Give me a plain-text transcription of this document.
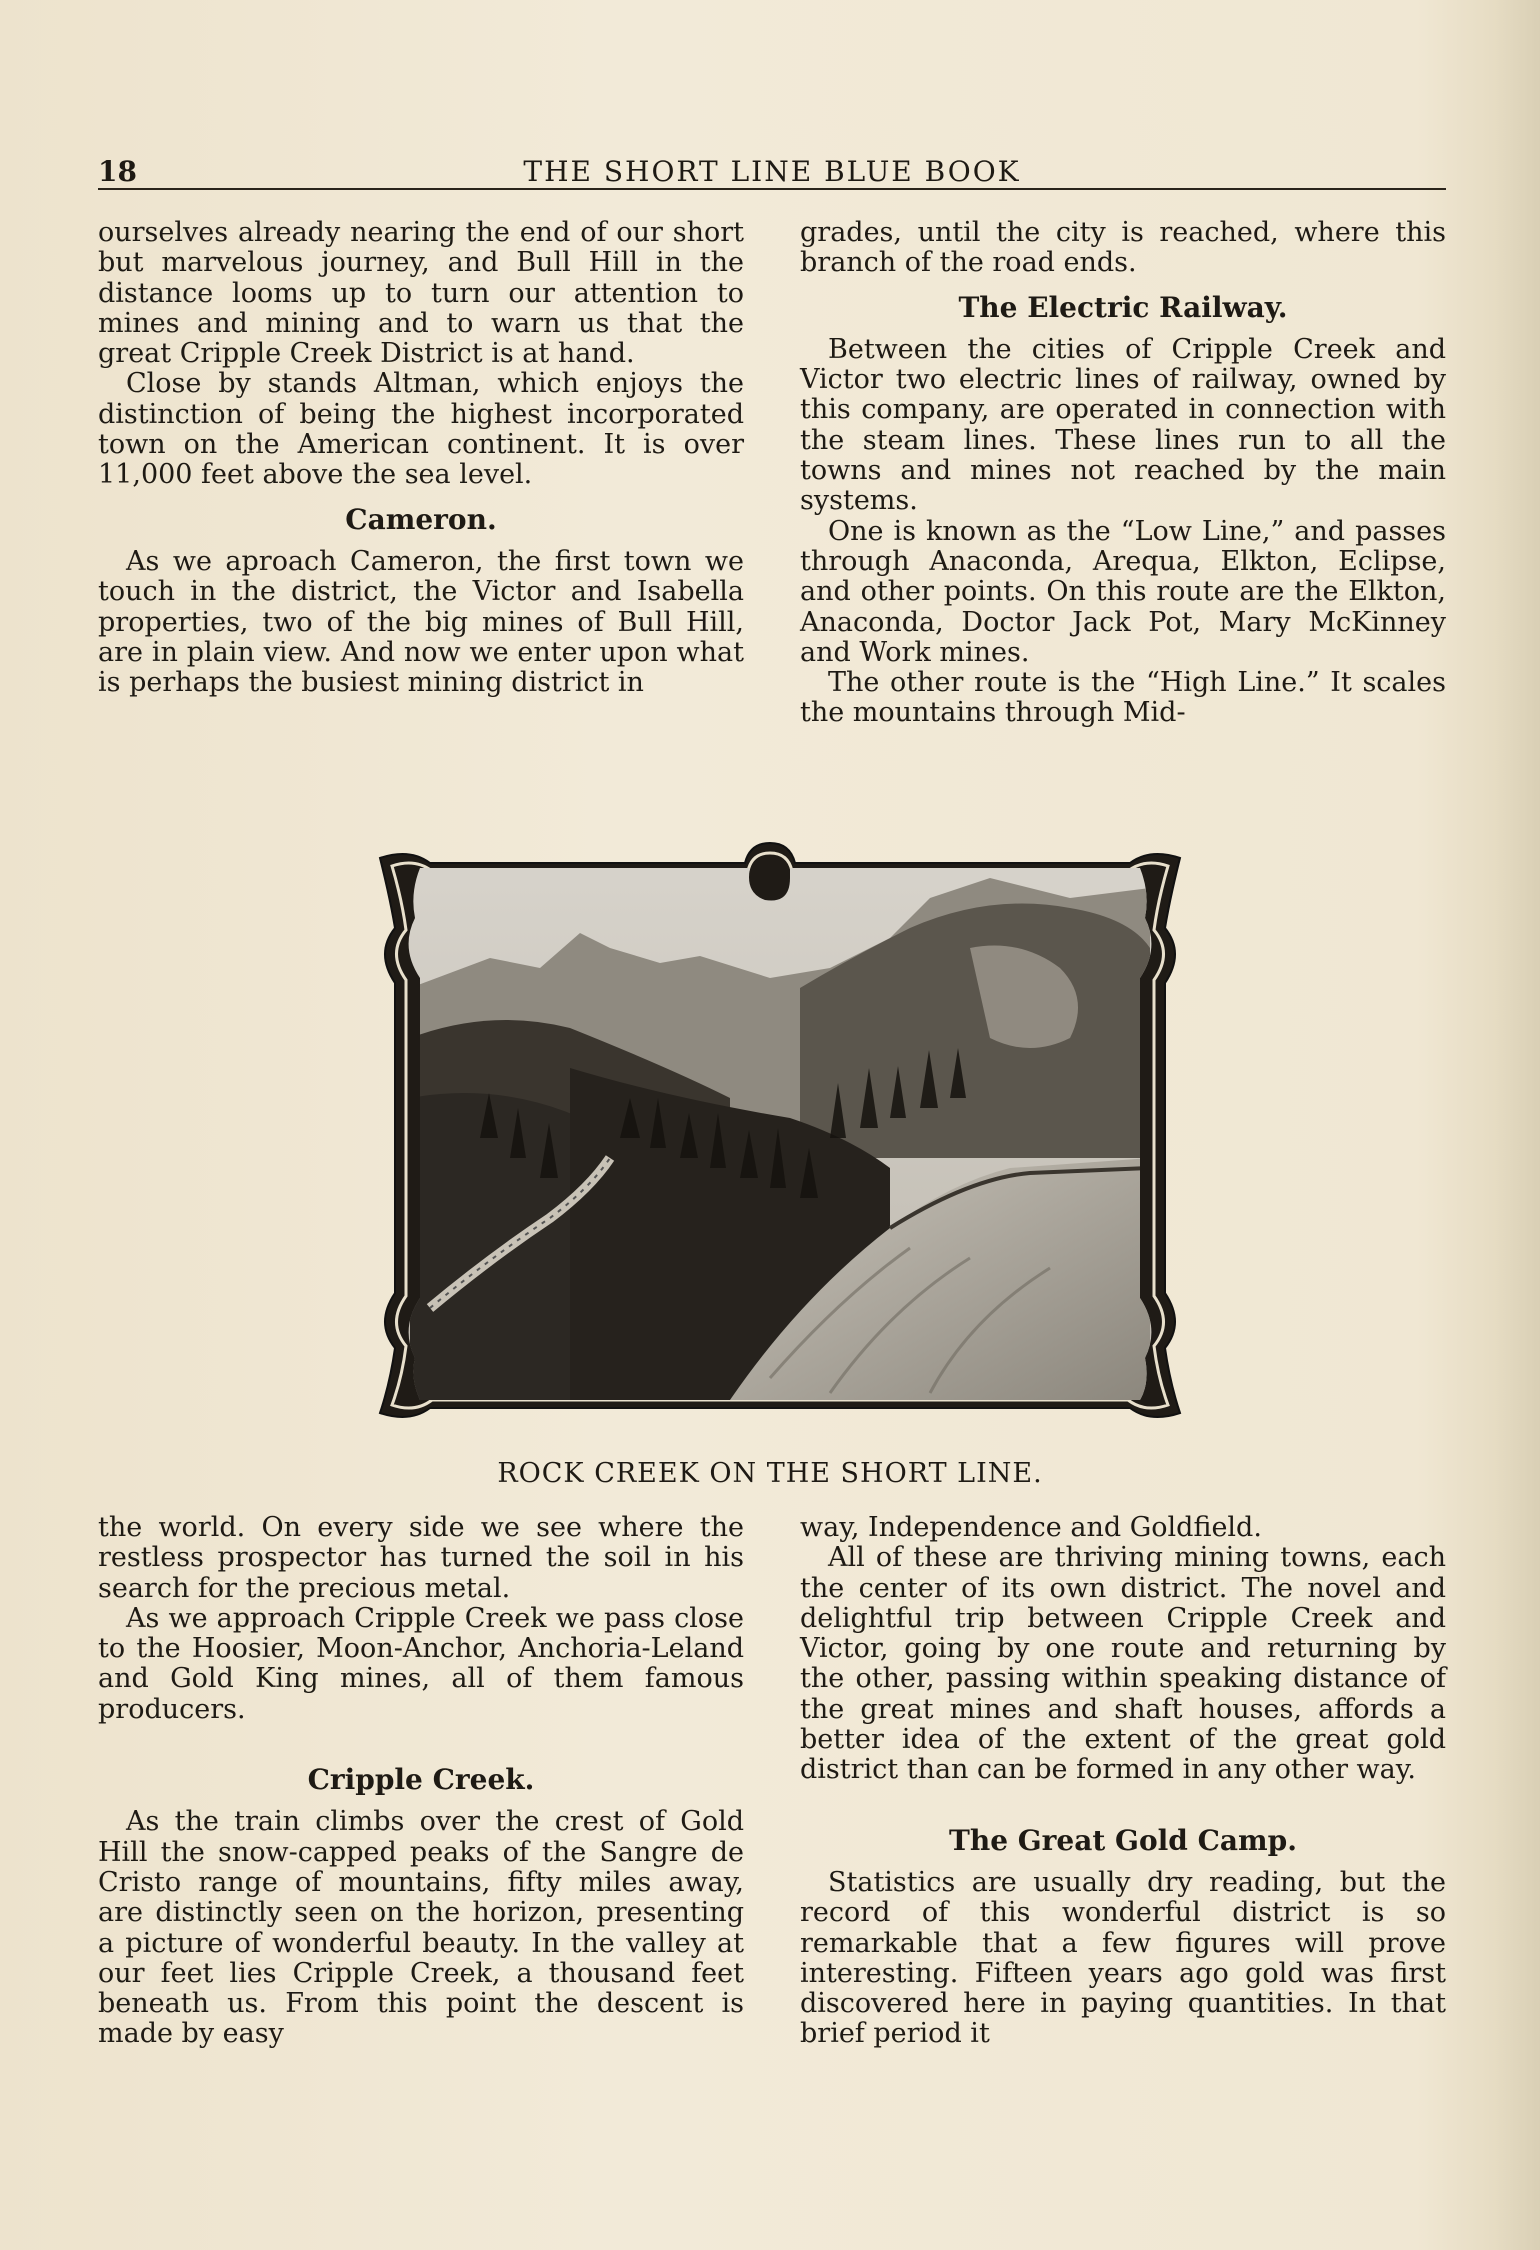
18	THE SHORT LINE BLUE BOOK

ourselves already nearing the end of our short but marvelous journey, and Bull Hill in the distance looms up to turn our attention to mines and mining and to warn us that the great Cripple Creek District is at hand.

Close by stands Altman, which enjoys the distinction of being the highest incorporated town on the American continent. It is over 11,000 feet above the sea level.

Cameron.

As we aproach Cameron, the first town we touch in the district, the Victor and Isabella properties, two of the big mines of Bull Hill, are in plain view. And now we enter upon what is perhaps the busiest mining district in

grades, until the city is reached, where this branch of the road ends.

The Electric Railway.

Between the cities of Cripple Creek and Victor two electric lines of railway, owned by this company, are operated in connection with the steam lines. These lines run to all the towns and mines not reached by the main systems.

One is known as the “Low Line,” and passes through Anaconda, Arequa, Elkton, Eclipse, and other points. On this route are the Elkton, Anaconda, Doctor Jack Pot, Mary McKinney and Work mines.

The other route is the “High Line.” It scales the mountains through Mid-

ROCK CREEK ON THE SHORT LINE.

the world. On every side we see where the restless prospector has turned the soil in his search for the precious metal.

As we approach Cripple Creek we pass close to the Hoosier, Moon-Anchor, Anchoria-Leland and Gold King mines, all of them famous producers.

Cripple Creek.

As the train climbs over the crest of Gold Hill the snow-capped peaks of the Sangre de Cristo range of mountains, fifty miles away, are distinctly seen on the horizon, presenting a picture of wonderful beauty. In the valley at our feet lies Cripple Creek, a thousand feet beneath us. From this point the descent is made by easy

way, Independence and Goldfield.

All of these are thriving mining towns, each the center of its own district. The novel and delightful trip between Cripple Creek and Victor, going by one route and returning by the other, passing within speaking distance of the great mines and shaft houses, affords a better idea of the extent of the great gold district than can be formed in any other way.

The Great Gold Camp.

Statistics are usually dry reading, but the record of this wonderful district is so remarkable that a few figures will prove interesting. Fifteen years ago gold was first discovered here in paying quantities. In that brief period it
